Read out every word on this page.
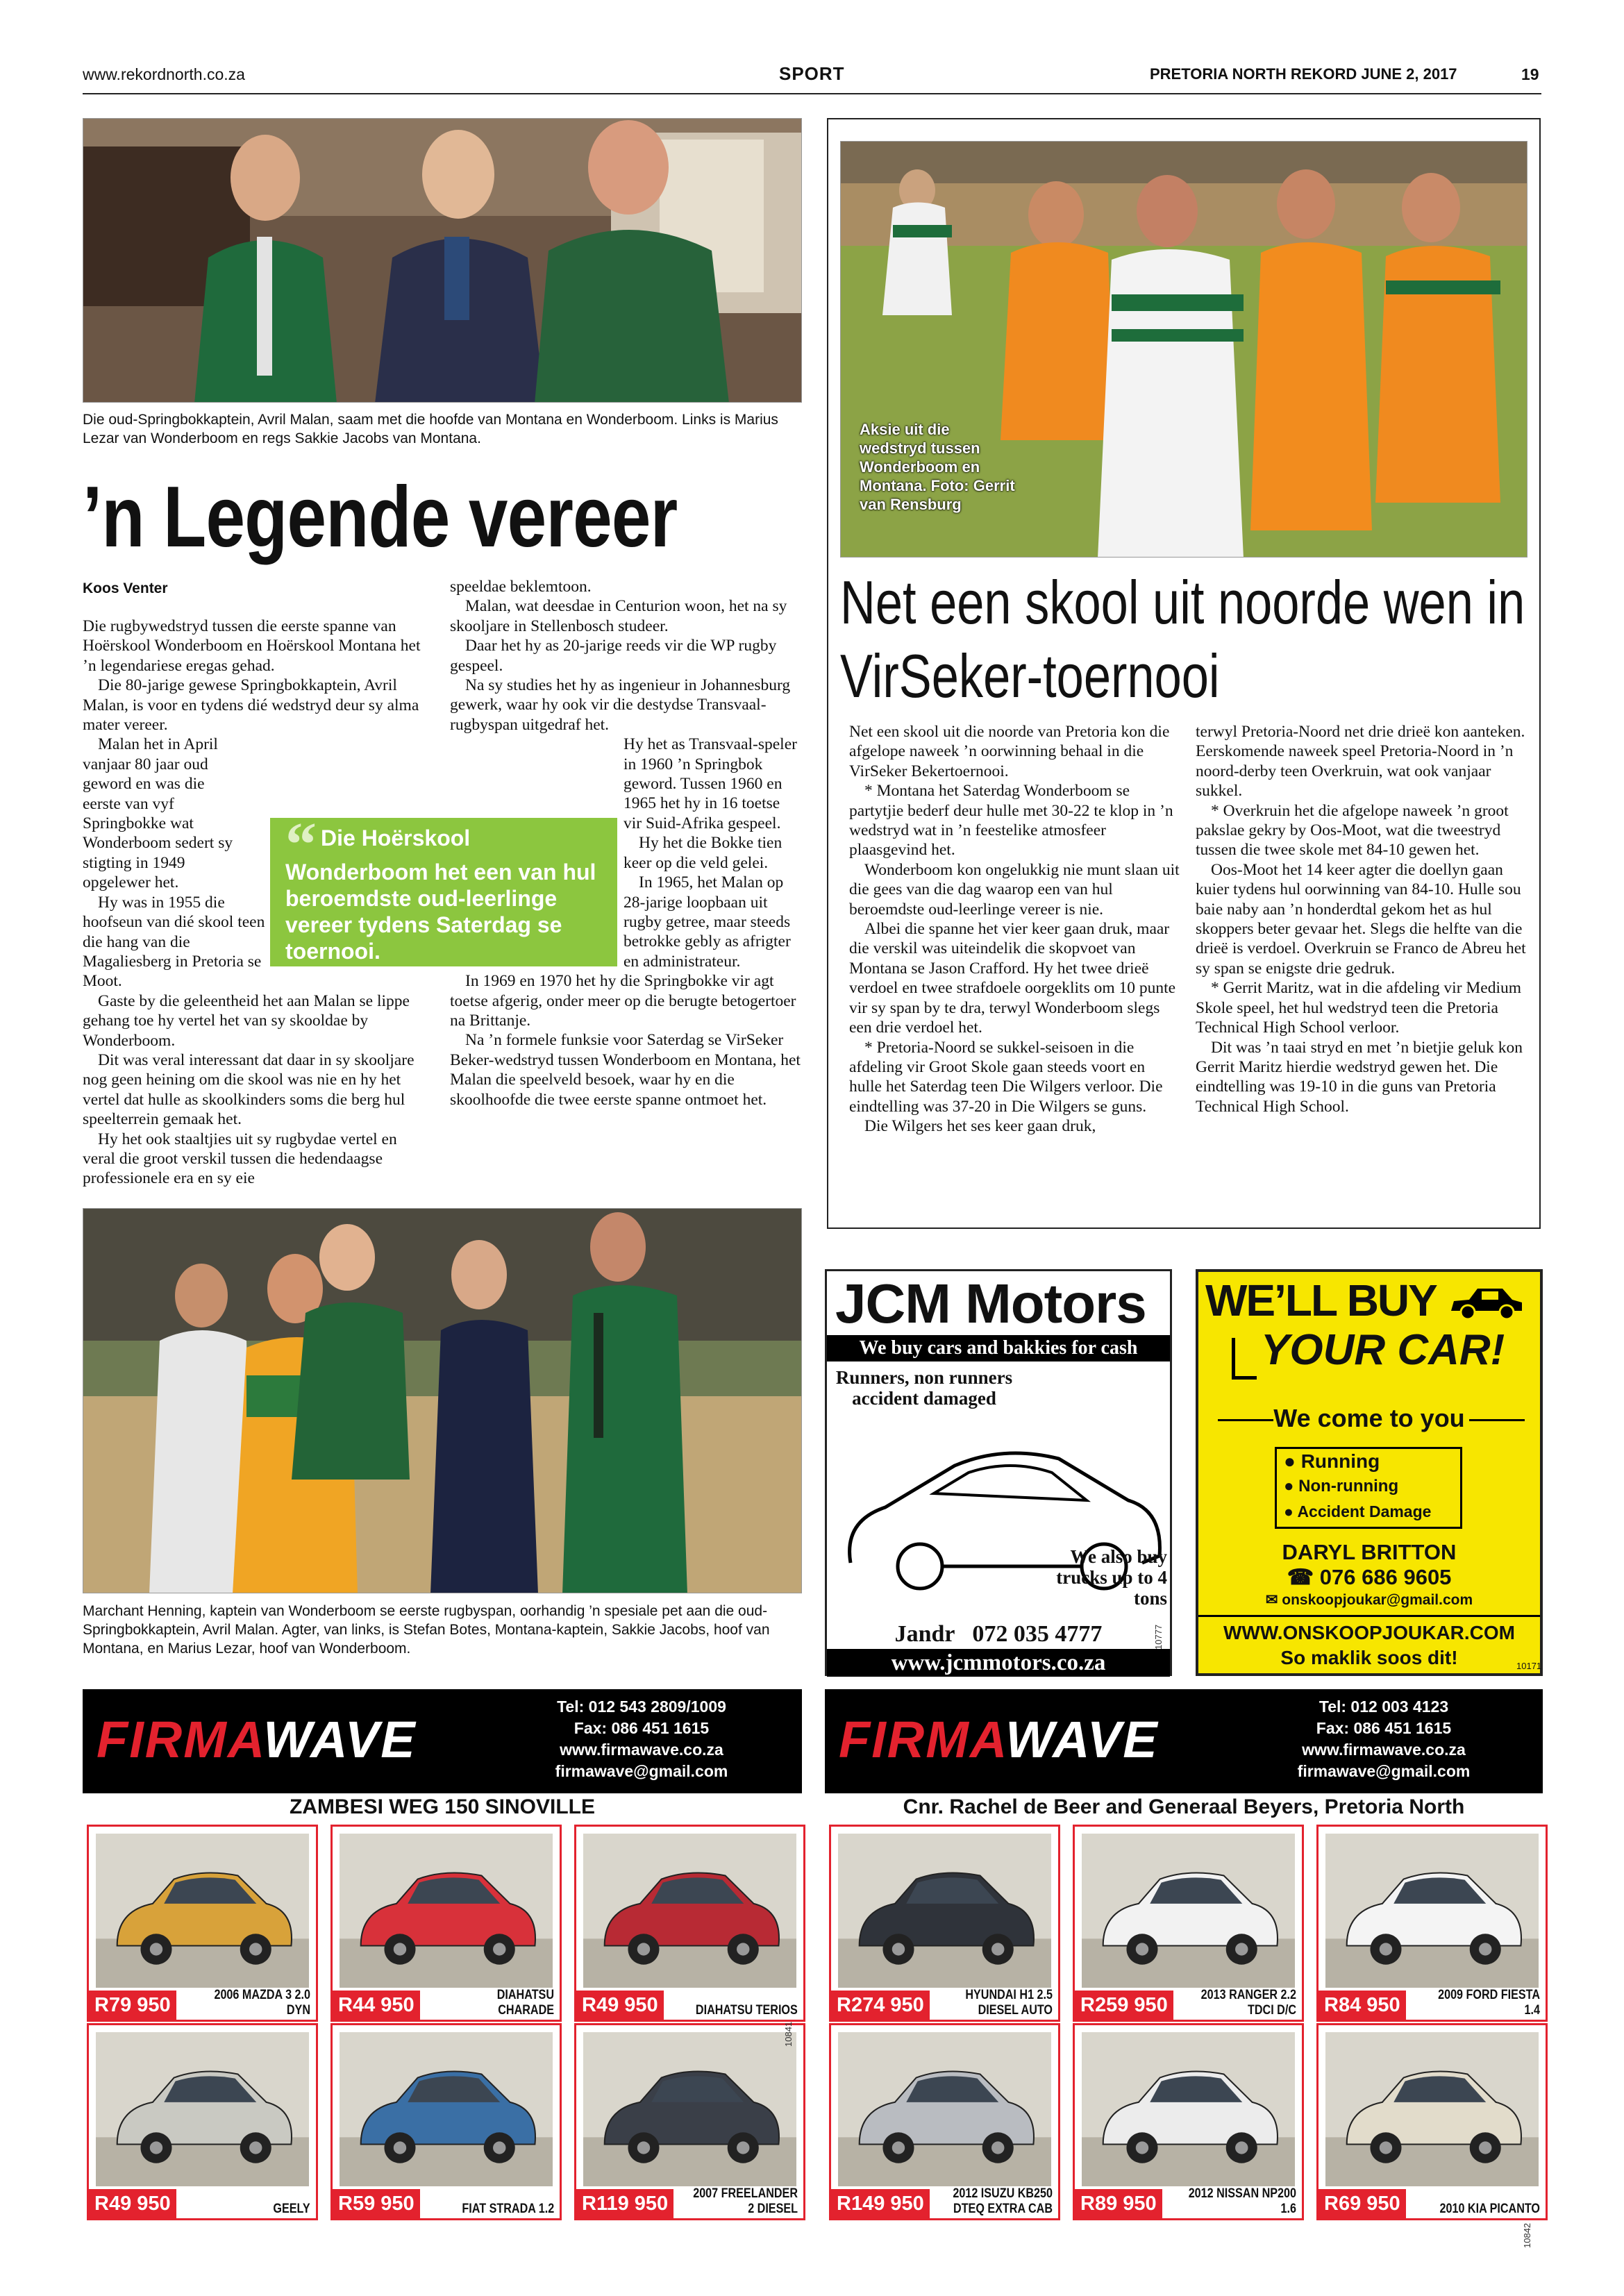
www.rekordnorth.co.za	SPORT	PRETORIA NORTH REKORD JUNE 2, 2017	19
Die oud-Springbokkaptein, Avril Malan, saam met die hoofde van Montana en Wonderboom. Links is Marius Lezar van Wonderboom en regs Sakkie Jacobs van Montana.
’n Legende vereer
Koos Venter

Die rugbywedstryd tussen die eerste spanne van Hoërskool Wonderboom en Hoërskool Montana het ’n legendariese eregas gehad.

Die 80-jarige gewese Springbokkaptein, Avril Malan, is voor en tydens dié wedstryd deur sy alma mater vereer.

Malan het in April vanjaar 80 jaar oud geword en was die eerste van vyf Springbokke wat Wonderboom sedert sy stigting in 1949 opgelewer het.

Hy was in 1955 die hoofseun van dié skool teen die hang van die Magaliesberg in Pretoria se Moot.

Gaste by die geleentheid het aan Malan se lippe gehang toe hy vertel het van sy skooldae by Wonderboom.

Dit was veral interessant dat daar in sy skooljare nog geen heining om die skool was nie en hy het vertel dat hulle as skoolkinders soms die berg hul speelterrein gemaak het.

Hy het ook staaltjies uit sy rugbydae vertel en veral die groot verskil tussen die hedendaagse professionele era en sy eie

speeldae beklemtoon.

Malan, wat deesdae in Centurion woon, het na sy skooljare in Stellenbosch studeer.

Daar het hy as 20-jarige reeds vir die WP rugby gespeel.

Na sy studies het hy as ingenieur in Johannesburg gewerk, waar hy ook vir die destydse Transvaal-rugbyspan uitgedraf het.

Hy het as Transvaal-speler in 1960 ’n Springbok geword. Tussen 1960 en 1965 het hy in 16 toetse vir Suid-Afrika gespeel.

Hy het die Bokke tien keer op die veld gelei.

In 1965, het Malan op 28-jarige loopbaan uit rugby getree, maar steeds betrokke gebly as afrigter en administrateur.

In 1969 en 1970 het hy die Springbokke vir agt toetse afgerig, onder meer op die berugte betogertoer na Brittanje.

Na ’n formele funksie voor Saterdag se VirSeker Beker-wedstryd tussen Wonderboom en Montana, het Malan die speelveld besoek, waar hy en die skoolhoofde die twee eerste spanne ontmoet het.

“ Die Hoërskool Wonderboom het een van hul beroemdste oud-leerlinge vereer tydens Saterdag se toernooi.
Marchant Henning, kaptein van Wonderboom se eerste rugbyspan, oorhandig ’n spesiale pet aan die oud-Springbokkaptein, Avril Malan. Agter, van links, is Stefan Botes, Montana-kaptein, Sakkie Jacobs, hoof van Montana, en Marius Lezar, hoof van Wonderboom.
Aksie uit die wedstryd tussen Wonderboom en Montana. Foto: Gerrit van Rensburg
Net een skool uit noorde wen in VirSeker-toernooi

Net een skool uit die noorde van Pretoria kon die afgelope naweek ’n oorwinning behaal in die VirSeker Bekertoernooi.

* Montana het Saterdag Wonderboom se partytjie bederf deur hulle met 30-22 te klop in ’n wedstryd wat in ’n feestelike atmosfeer plaasgevind het.

Wonderboom kon ongelukkig nie munt slaan uit die gees van die dag waarop een van hul beroemdste oud-leerlinge vereer is nie.

Albei die spanne het vier keer gaan druk, maar die verskil was uiteindelik die skopvoet van Montana se Jason Crafford. Hy het twee drieë verdoel en twee strafdoele oorgeklits om 10 punte vir sy span by te dra, terwyl Wonderboom slegs een drie verdoel het.

* Pretoria-Noord se sukkel-seisoen in die afdeling vir Groot Skole gaan steeds voort en hulle het Saterdag teen Die Wilgers verloor. Die eindtelling was 37-20 in Die Wilgers se guns.

Die Wilgers het ses keer gaan druk,

terwyl Pretoria-Noord net drie drieë kon aanteken. Eerskomende naweek speel Pretoria-Noord in ’n noord-derby teen Overkruin, wat ook vanjaar sukkel.

* Overkruin het die afgelope naweek ’n groot pakslae gekry by Oos-Moot, wat die tweestryd tussen die twee skole met 84-10 gewen het.

Oos-Moot het 14 keer agter die doellyn gaan kuier tydens hul oorwinning van 84-10. Hulle sou baie naby aan ’n honderdtal gekom het as hul skoppers beter gevaar het. Slegs die helfte van die drieë is verdoel. Overkruin se Franco de Abreu het sy span se enigste drie gedruk.

* Gerrit Maritz, wat in die afdeling vir Medium Skole speel, het hul wedstryd teen die Pretoria Technical High School verloor.

Dit was ’n taai stryd en met ’n bietjie geluk kon Gerrit Maritz hierdie wedstryd gewen het. Die eindtelling was 19-10 in die guns van Pretoria Technical High School.

JCM Motors
We buy cars and bakkies for cash
Runners, non runners accident damaged
We also buy trucks up to 4 tons
Jandr   072 035 4777
www.jcmmotors.co.za
10777
WE’LL BUY
YOUR CAR!
We come to you
● Running
● Non-running
● Accident Damage
DARYL BRITTON
☎ 076 686 9605
✉ onskoopjoukar@gmail.com
WWW.ONSKOOPJOUKAR.COM
So maklik soos dit!	10171
FIRMAWAVE
Tel: 012 543 2809/1009
Fax: 086 451 1615
www.firmawave.co.za
firmawave@gmail.com
ZAMBESI WEG 150 SINOVILLE
R79 950	2006 MAZDA 3 2.0 DYN R44 950	DIAHATSU CHARADE R49 950	DIAHATSU TERIOS
R49 950	GEELY R59 950	FIAT STRADA 1.2 R119 950	2007 FREELANDER 2 DIESEL
FIRMAWAVE
Tel: 012 003 4123
Fax: 086 451 1615
www.firmawave.co.za
firmawave@gmail.com
Cnr. Rachel de Beer and Generaal Beyers, Pretoria North
R274 950	HYUNDAI H1 2.5 DIESEL AUTO R259 950	2013 RANGER 2.2 TDCI D/C R84 950	2009 FORD FIESTA 1.4
R149 950	2012 ISUZU KB250 DTEQ EXTRA CAB R89 950	2012 NISSAN NP200 1.6 R69 950	2010 KIA PICANTO
10841
10842
